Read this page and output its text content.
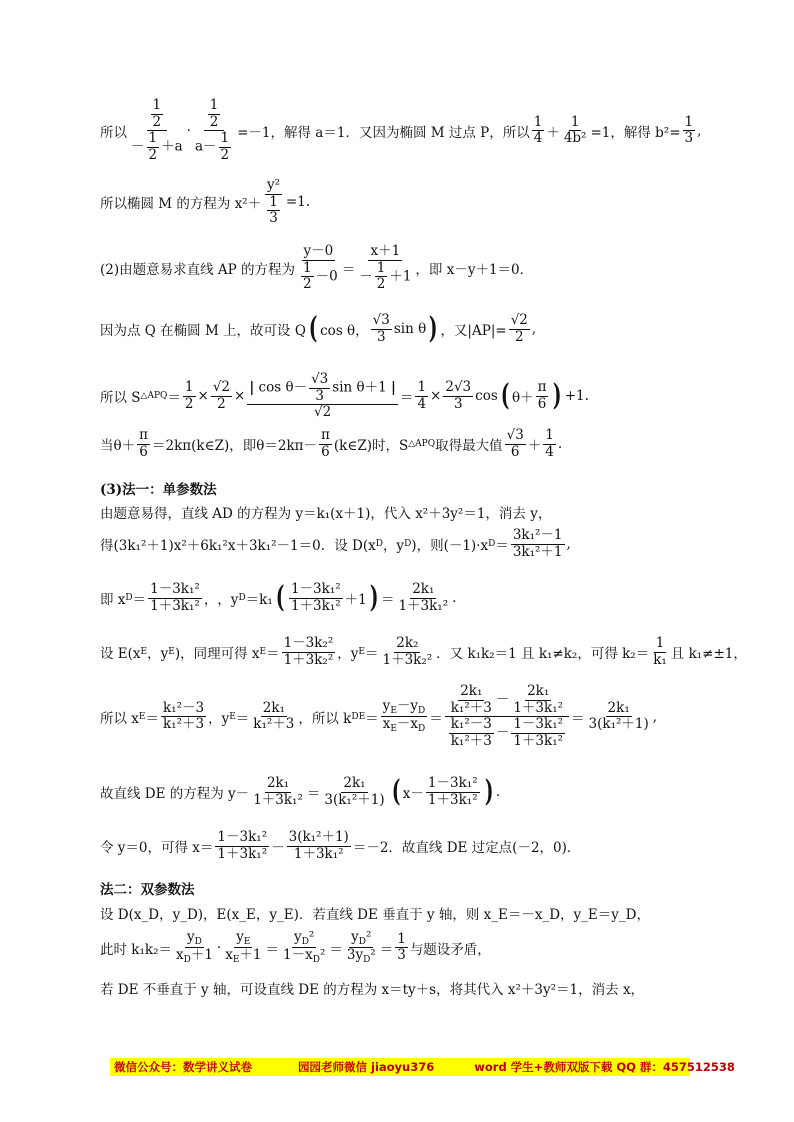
所以 $\frac{\frac{1}{2}}{- \frac{1}{2} +a} \cdot \frac{\frac{1}{2}}{a- \frac{1}{2}} =-1$，解得 a＝1．又因为椭圆 M 过点 P，所以 $\frac{1}{4} + \frac{1}{\text{4b²}} =1$，解得 $b^2= \frac{1}{3}$ ,
所以椭圆 M 的方程为 $x^2+ \frac{\text{y²}}{\frac{1}{3}} =1$.
(2)由题意易求直线 AP 的方程为 $\frac{y-0}{\frac{1}{2} -0} = \frac{x+1}{- \frac{1}{2} +1}$ ，即 x－y＋1＝0．
因为点 Q 在椭圆 M 上，故可设 Q ( cos θ， $\frac{√3}{3}$ sin θ ) ，又$|AP|= \frac{√2}{2}$ ,
所以 S △APQ ＝ $\frac{1}{2} \times \frac{√2}{2} \times \frac{| \cos \theta- \frac{√3}{3} \sin \theta+1 |}{√2} = \frac{1}{4} \times \frac{2√3}{3}$ cos ( $\theta+ \frac{\pi}{6}$ ) +1.
当$\theta+ \frac{\pi}{6}$ ＝2kπ(k∈Z)，即$\theta=2k\pi- \frac{\pi}{6}$ (k∈Z)时，S △APQ 取得最大值 $\frac{√3}{6} + \frac{1}{4}$ .
(3)法一：单参数法
由题意易得，直线 AD 的方程为 y＝k₁(x＋1)，代入 x²＋3y²＝1，消去 y，
得(3k₁²＋1)x²＋6k₁²x＋3k₁²－1＝0．设 D(x D ，y D )，则(－1)·x $D = \frac{\text{3k₁²－1}}{\text{3k₁²＋1}}$ ,
即 x $D = \frac{\text{1－3k₁²}}{\text{1＋3k₁²}}$ ， ，y D ＝k₁ ( $\frac{\text{1－3k₁²}}{\text{1＋3k₁²}} +1$ ) ＝ $\frac{\text{2k₁}}{\text{1＋3k₁²}}$ .
设 E(x E ，y E )，同理可得 x $E = \frac{\text{1－3k₂²}}{\text{1＋3k₂²}}$ ，y $E = \frac{\text{2k₂}}{\text{1＋3k₂²}}$ ．又 k₁k₂＝1 且 k₁≠k₂，可得 $k_2= \frac{1}{\text{k₁}}$ 且 k₁≠±1，
所以 x $E = \frac{\text{k₁²－3}}{\text{k₁²＋3}}$ ，y $E = \frac{\text{2k₁}}{\text{k₁²＋3}}$ ，所以 k DE ＝ $\frac{y_E-y_D}{x_E-x_D} = \frac{\frac{\text{2k₁}}{\text{k₁²＋3}} - \frac{\text{2k₁}}{\text{1＋3k₁²}}}{\frac{\text{k₁²－3}}{\text{k₁²＋3}} - \frac{\text{1－3k₁²}}{\text{1＋3k₁²}}} = \frac{\text{2k₁}}{\text{3(k₁²＋1)}}$ ,
故直线 DE 的方程为 $y- \frac{\text{2k₁}}{\text{1＋3k₁²}} = \frac{\text{2k₁}}{\text{3(k₁²＋1)}}$ ( $x- \frac{\text{1－3k₁²}}{\text{1＋3k₁²}}$ ) .
令 y＝0，可得 $x= \frac{\text{1－3k₁²}}{\text{1＋3k₁²}} - \frac{\text{3(k₁²＋1)}}{\text{1＋3k₁²}} =-2$．故直线 DE 过定点(－2，0)．
法二：双参数法
设 D(x_D，y_D)，E(x_E，y_E)．若直线 DE 垂直于 y 轴，则 x_E＝－x_D，y_E＝y_D，
此时 $k_1k_2= \frac{y_D}{x_D+1} \cdot \frac{y_E}{x_E+1} = \frac{y_D^2}{1-x_D^2} = \frac{y_D^2}{3y_D^2} = \frac{1}{3}$ 与题设矛盾，
若 DE 不垂直于 y 轴，可设直线 DE 的方程为 x＝ty＋s，将其代入 x²＋3y²＝1，消去 x，
微信公众号：数学讲义试卷	园园老师微信 jiaoyu376	word 学生+教师双版下载 QQ 群：457512538
